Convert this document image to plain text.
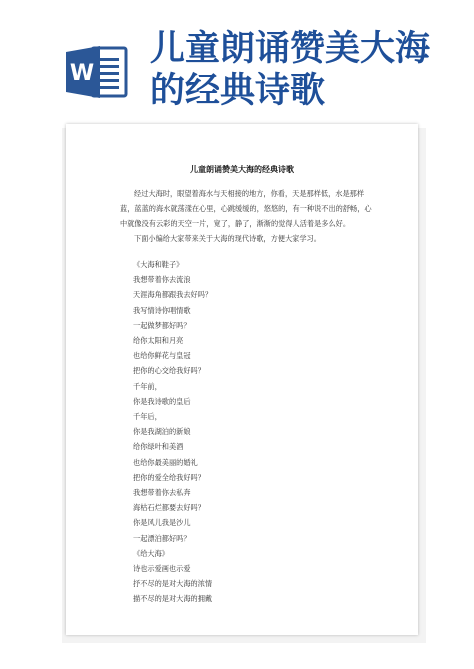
W
儿童朗诵赞美大海
的经典诗歌
儿童朗诵赞美大海的经典诗歌

经过大海时，眼望着海水与天相接的地方，你看，天是那样低，水是那样蓝，蓝蓝的海水就荡漾在心里，心跳缓缓的，悠悠的，有一种说不出的舒畅，心中就像没有云彩的天空一片，宽了，静了，渐渐的觉得人活着是多么好。

下面小编给大家带来关于大海的现代诗歌，方便大家学习。

《大海和鞋子》
我想带着你去流浪
天涯海角都跟我去好吗？
我写情诗你唱情歌
一起做梦都好吗？
给你太阳和月亮
也给你鲜花与皇冠
把你的心交给我好吗？
千年前，
你是我诗歌的皇后
千年后，
你是我湖泊的新娘
给你绿叶和美酒
也给你最美丽的婚礼
把你的爱全给我好吗？
我想带着你去私奔
海枯石烂都要去好吗？
你是风儿我是沙儿
一起漂泊都好吗？
《给大海》
诗也示爱画也示爱
抒不尽的是对大海的浓情
描不尽的是对大海的拥戴
